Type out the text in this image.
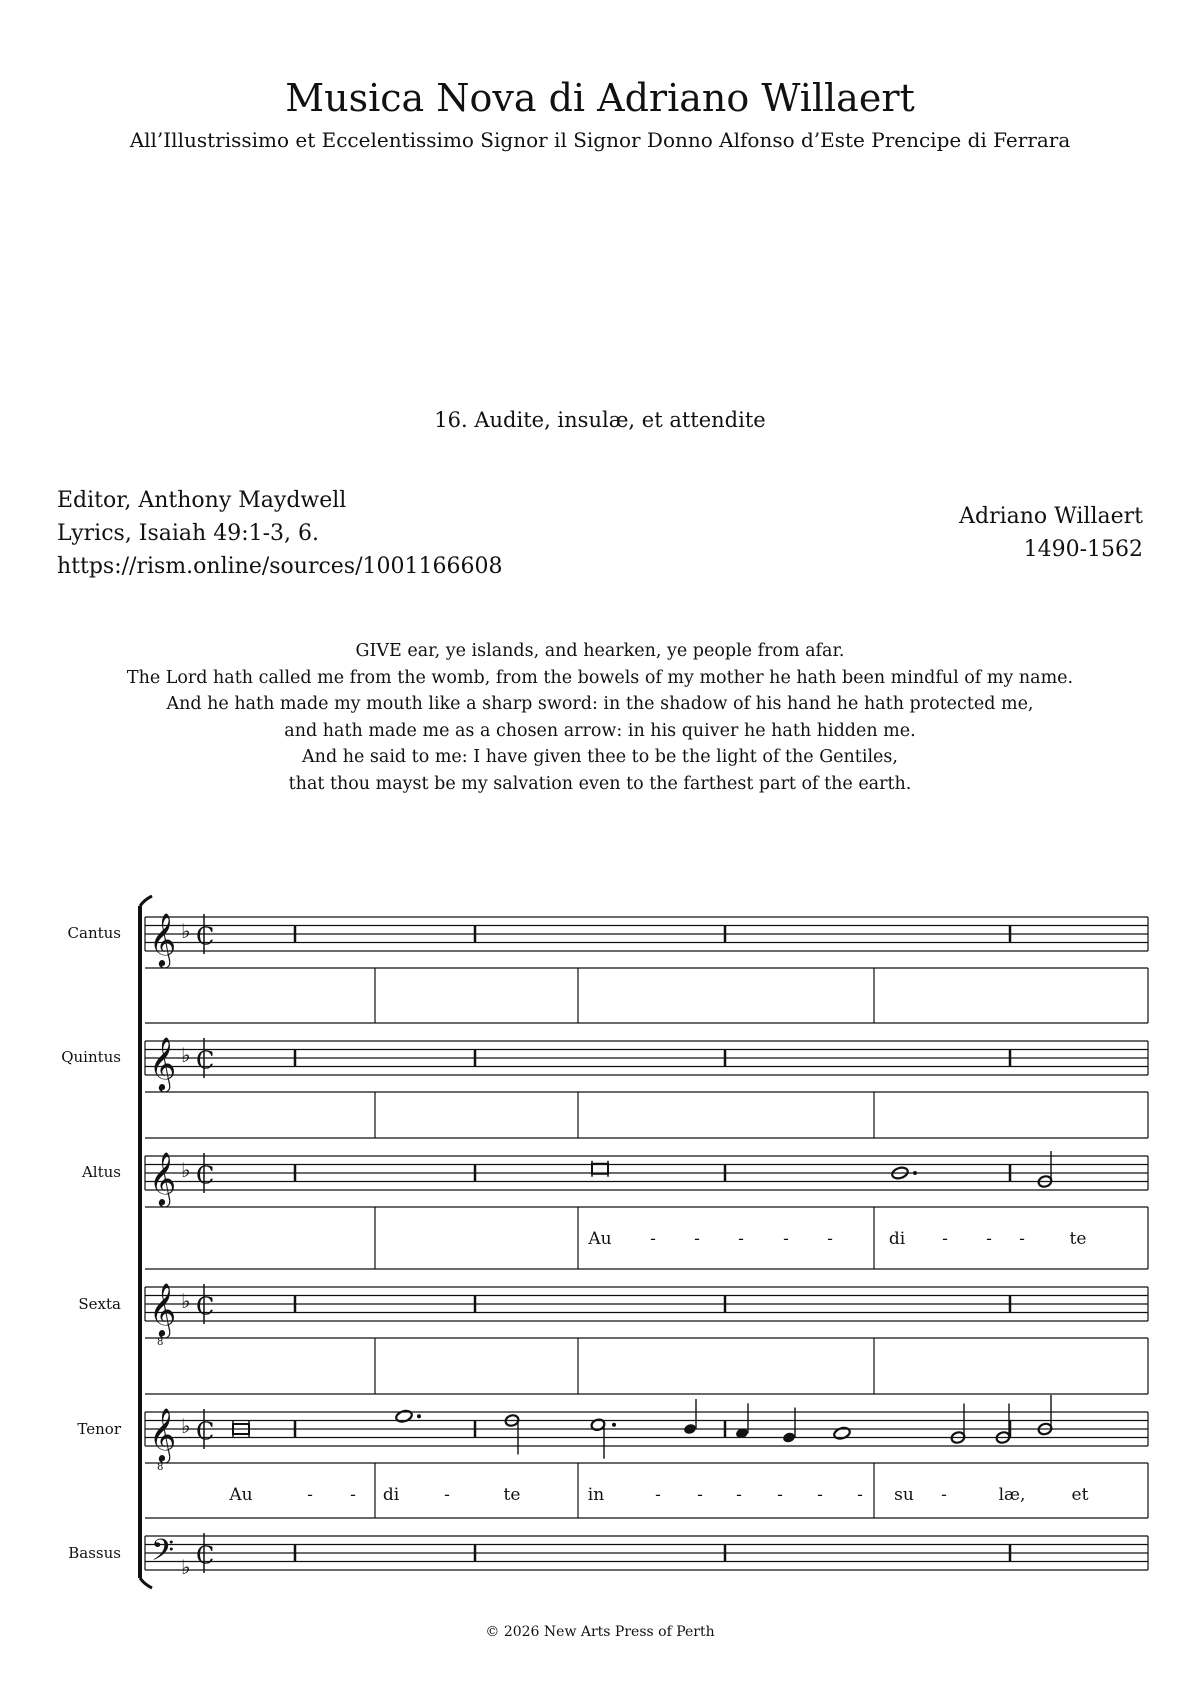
Musica Nova di Adriano Willaert
All’Illustrissimo et Eccelentissimo Signor il Signor Donno Alfonso d’Este Prencipe di Ferrara
16. Audite, insulæ, et attendite
Editor, Anthony Maydwell
Lyrics, Isaiah 49:1-3, 6.
https://rism.online/sources/1001166608
Adriano Willaert
1490-1562
GIVE ear, ye islands, and hearken, ye people from afar.
The Lord hath called me from the womb, from the bowels of my mother he hath been mindful of my name.
And he hath made my mouth like a sharp sword: in the shadow of his hand he hath protected me,
and hath made me as a chosen arrow: in his quiver he hath hidden me.
And he said to me: I have given thee to be the light of the Gentiles,
that thou mayst be my salvation even to the farthest part of the earth.
Cantus
Quintus
Altus
Sexta
Tenor
Bassus
𝄞 ♭ C
𝄞 ♭ C
𝄞 ♭ C
𝄞
8
♭ C
𝄞
8
♭ C
𝄢 ♭ C
Au - - - - -	di - - -	te
Au	- - di	-	te	in	- - - - - - su -	læ,	et
© 2026 New Arts Press of Perth
